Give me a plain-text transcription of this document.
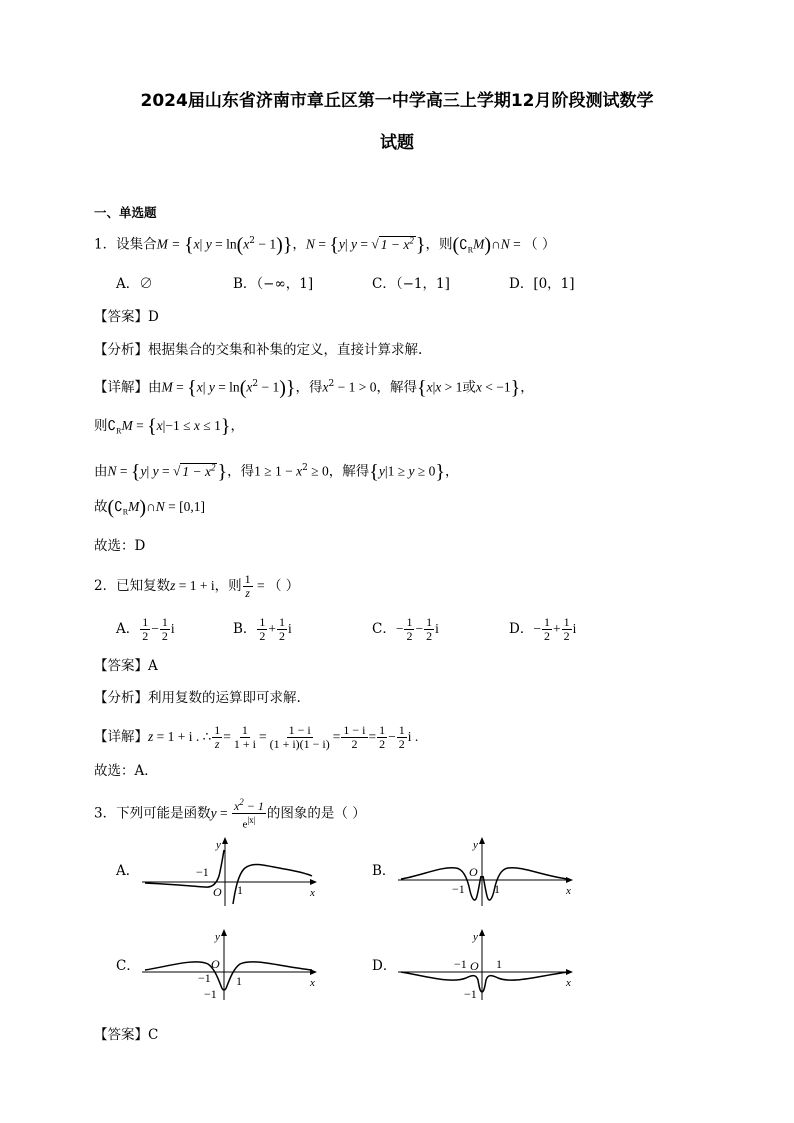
2024届山东省济南市章丘区第一中学高三上学期12月阶段测试数学
试题
一、单选题
1．设集合M = {x| $y = \ln(x^2 - 1)$}，N = {y| y = √ $1 - x^2$ }，则$(∁_RM)\cap N$ = （ ）
A．∅	B．（−∞，1]	C．（−1，1]	D．[0，1]
【答案】D
【分析】根据集合的交集和补集的定义，直接计算求解.
【详解】由M = {x| $y = \ln(x^2 - 1)$}，得$x^2 - 1 > 0$，解得{x|x > 1或x < −1}，
则$∁_RM = \{x|-1 \le x \le 1\}$，
由N = {y| y = √ $1 - x^2$ }，得$1 \ge 1 - x^2 \ge 0$，解得{y|1 ≥ y ≥ 0}，
故$(∁_RM)\cap N = [0,1]$
故选：D
2．已知复数z = 1 + i，则 $\frac{1}{z}$ = （ ）
A． $\frac{1}{2} - \frac{1}{2}$ i	B． $\frac{1}{2} + \frac{1}{2}$ i	C．− $\frac{1}{2} - \frac{1}{2}$ i	D．− $\frac{1}{2} + \frac{1}{2}$ i
【答案】A
【分析】利用复数的运算即可求解.
【详解】z = 1 + i . ∴ $\frac{1}{z} = \frac{1}{1 + i} = \frac{1 - i}{(1 + i)(1 - i)} = \frac{1 - i}{2} = \frac{1}{2} - \frac{1}{2}$ i .
故选：A．
3．下列可能是函数$y = \frac{x^2 - 1}{e^{|x|}}$ 的图象的是（ ）
A．
y
x
O
−1
1
B．
y
x
O
−1 1
C．
y
x
O
−1 1
−1
D．
y
x
O
−1 1
−1
【答案】C
